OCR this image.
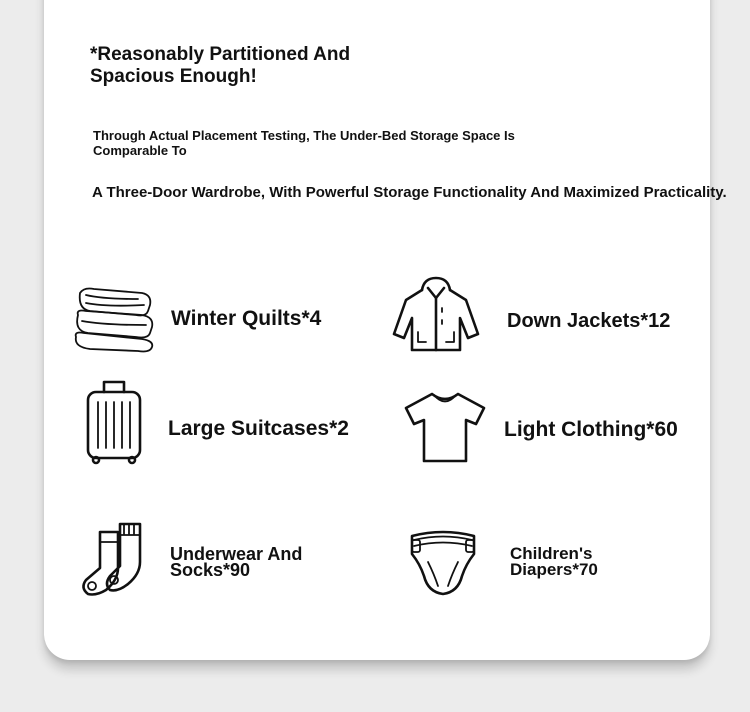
*Reasonably Partitioned And Spacious Enough!
Through Actual Placement Testing, The Under-Bed Storage Space Is Comparable To
A Three-Door Wardrobe, With Powerful Storage Functionality And Maximized Practicality.
Winter Quilts*4	Down Jackets*12
Large Suitcases*2	Light Clothing*60
Underwear And Socks*90
Children's Diapers*70
